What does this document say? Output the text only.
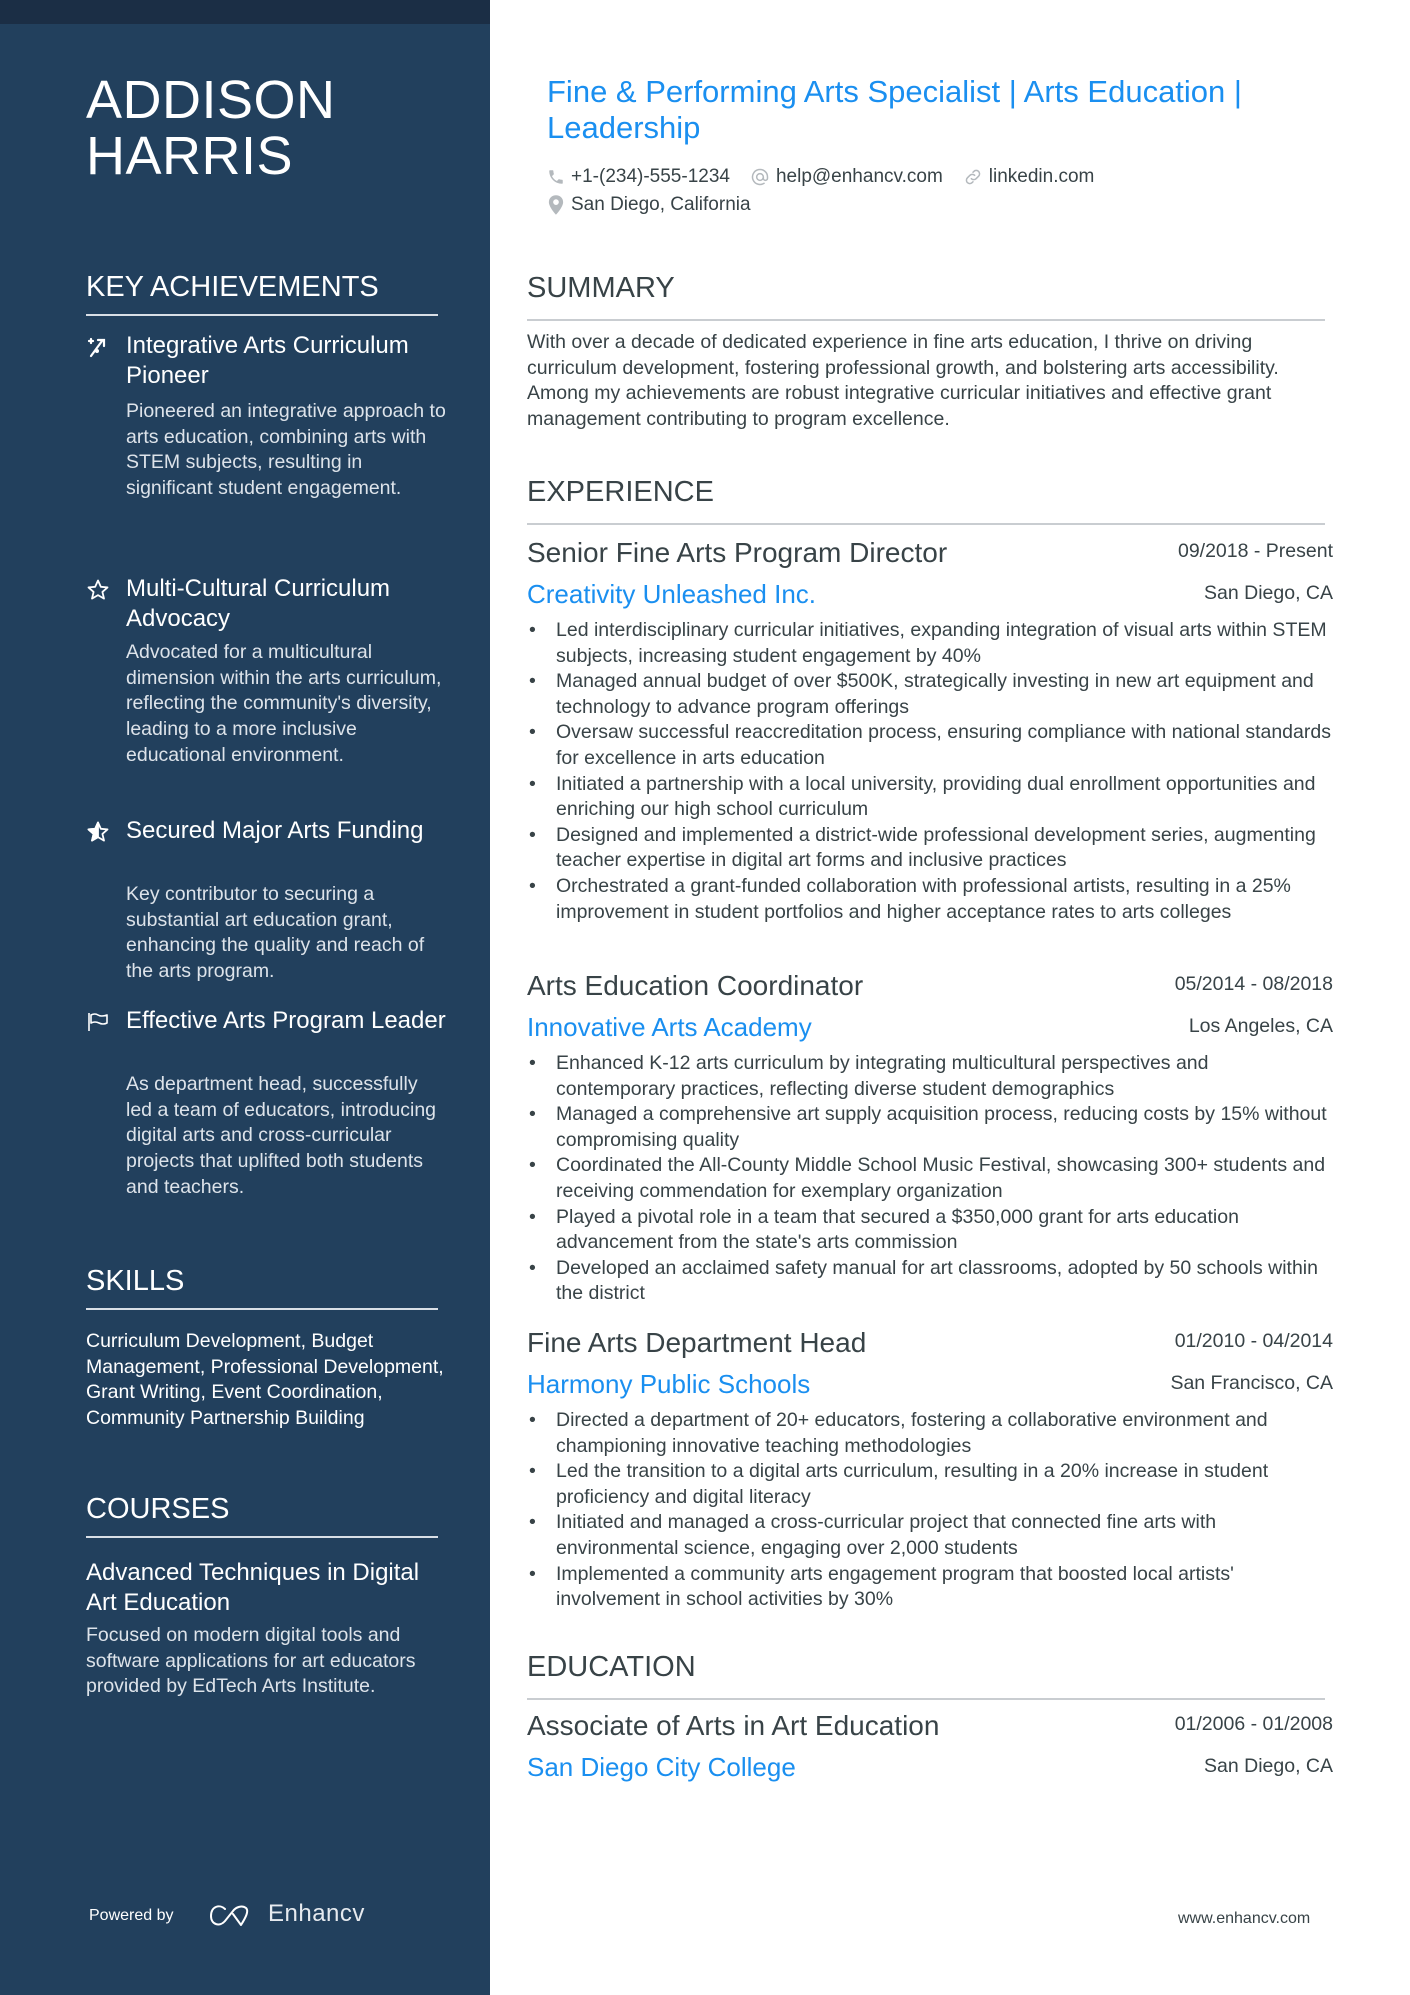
ADDISON
HARRIS
KEY ACHIEVEMENTS
Integrative Arts Curriculum Pioneer
Pioneered an integrative approach to arts education, combining arts with STEM subjects, resulting in significant student engagement.
Multi-Cultural Curriculum Advocacy
Advocated for a multicultural dimension within the arts curriculum, reflecting the community's diversity, leading to a more inclusive educational environment.
Secured Major Arts Funding
Key contributor to securing a substantial art education grant, enhancing the quality and reach of the arts program.
Effective Arts Program Leader
As department head, successfully led a team of educators, introducing digital arts and cross-curricular projects that uplifted both students and teachers.
SKILLS
Curriculum Development, Budget Management, Professional Development, Grant Writing, Event Coordination, Community Partnership Building
COURSES
Advanced Techniques in Digital Art Education
Focused on modern digital tools and software applications for art educators provided by EdTech Arts Institute.
Powered by	Enhancv
Fine & Performing Arts Specialist | Arts Education | Leadership
+1-(234)-555-1234 help@enhancv.com linkedin.com
San Diego, California
SUMMARY
With over a decade of dedicated experience in fine arts education, I thrive on driving curriculum development, fostering professional growth, and bolstering arts accessibility. Among my achievements are robust integrative curricular initiatives and effective grant management contributing to program excellence.
EXPERIENCE
Senior Fine Arts Program Director	09/2018 - Present
Creativity Unleashed Inc.	San Diego, CA
• Led interdisciplinary curricular initiatives, expanding integration of visual arts within STEM subjects, increasing student engagement by 40%
• Managed annual budget of over $500K, strategically investing in new art equipment and technology to advance program offerings
• Oversaw successful reaccreditation process, ensuring compliance with national standards for excellence in arts education
• Initiated a partnership with a local university, providing dual enrollment opportunities and enriching our high school curriculum
• Designed and implemented a district-wide professional development series, augmenting teacher expertise in digital art forms and inclusive practices
• Orchestrated a grant-funded collaboration with professional artists, resulting in a 25% improvement in student portfolios and higher acceptance rates to arts colleges
Arts Education Coordinator	05/2014 - 08/2018
Innovative Arts Academy	Los Angeles, CA
• Enhanced K-12 arts curriculum by integrating multicultural perspectives and contemporary practices, reflecting diverse student demographics
• Managed a comprehensive art supply acquisition process, reducing costs by 15% without compromising quality
• Coordinated the All-County Middle School Music Festival, showcasing 300+ students and receiving commendation for exemplary organization
• Played a pivotal role in a team that secured a $350,000 grant for arts education advancement from the state's arts commission
• Developed an acclaimed safety manual for art classrooms, adopted by 50 schools within the district
Fine Arts Department Head	01/2010 - 04/2014
Harmony Public Schools	San Francisco, CA
• Directed a department of 20+ educators, fostering a collaborative environment and championing innovative teaching methodologies
• Led the transition to a digital arts curriculum, resulting in a 20% increase in student proficiency and digital literacy
• Initiated and managed a cross-curricular project that connected fine arts with environmental science, engaging over 2,000 students
• Implemented a community arts engagement program that boosted local artists' involvement in school activities by 30%
EDUCATION
Associate of Arts in Art Education	01/2006 - 01/2008
San Diego City College	San Diego, CA
www.enhancv.com
